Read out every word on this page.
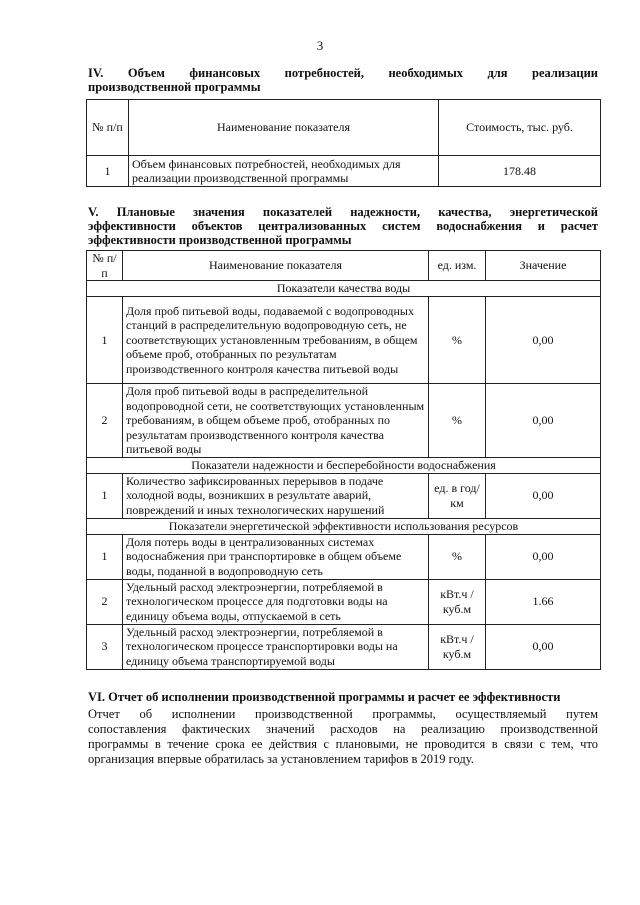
3
IV. Объем финансовых потребностей, необходимых для реализации
производственной программы
№ п/п	Наименование показателя	Стоимость, тыс. руб.
1	Объем финансовых потребностей, необходимых для реализации производственной программы	178.48
V. Плановые значения показателей надежности, качества, энергетической
эффективности объектов централизованных систем водоснабжения и расчет
эффективности производственной программы
№ п/п	Наименование показателя	ед. изм.	Значение
Показатели качества воды			
1	Доля проб питьевой воды, подаваемой с водопроводных станций в распределительную водопроводную сеть, не соответствующих установленным требованиям, в общем объеме проб, отобранных по результатам производственного контроля качества питьевой воды	%	0,00
2	Доля проб питьевой воды в распределительной водопроводной сети, не соответствующих установленным требованиям, в общем объеме проб, отобранных по результатам производственного контроля качества питьевой воды	%	0,00
Показатели надежности и бесперебойности водоснабжения			
1	Количество зафиксированных перерывов в подаче холодной воды, возникших в результате аварий, повреждений и иных технологических нарушений	ед. в год/ км	0,00
Показатели энергетической эффективности использования ресурсов			
1	Доля потерь воды в централизованных системах водоснабжения при транспортировке в общем объеме воды, поданной в водопроводную сеть	%	0,00
2	Удельный расход электроэнергии, потребляемой в технологическом процессе для подготовки воды на единицу объема воды, отпускаемой в сеть	кВт.ч / куб.м	1.66
3	Удельный расход электроэнергии, потребляемой в технологическом процессе транспортировки воды на единицу объема транспортируемой воды	кВт.ч / куб.м	0,00
VI. Отчет об исполнении производственной программы и расчет ее эффективности
Отчет об исполнении производственной программы, осуществляемый путем
сопоставления фактических значений расходов на реализацию производственной
программы в течение срока ее действия с плановыми, не проводится в связи с тем, что
организация впервые обратилась за установлением тарифов в 2019 году.
